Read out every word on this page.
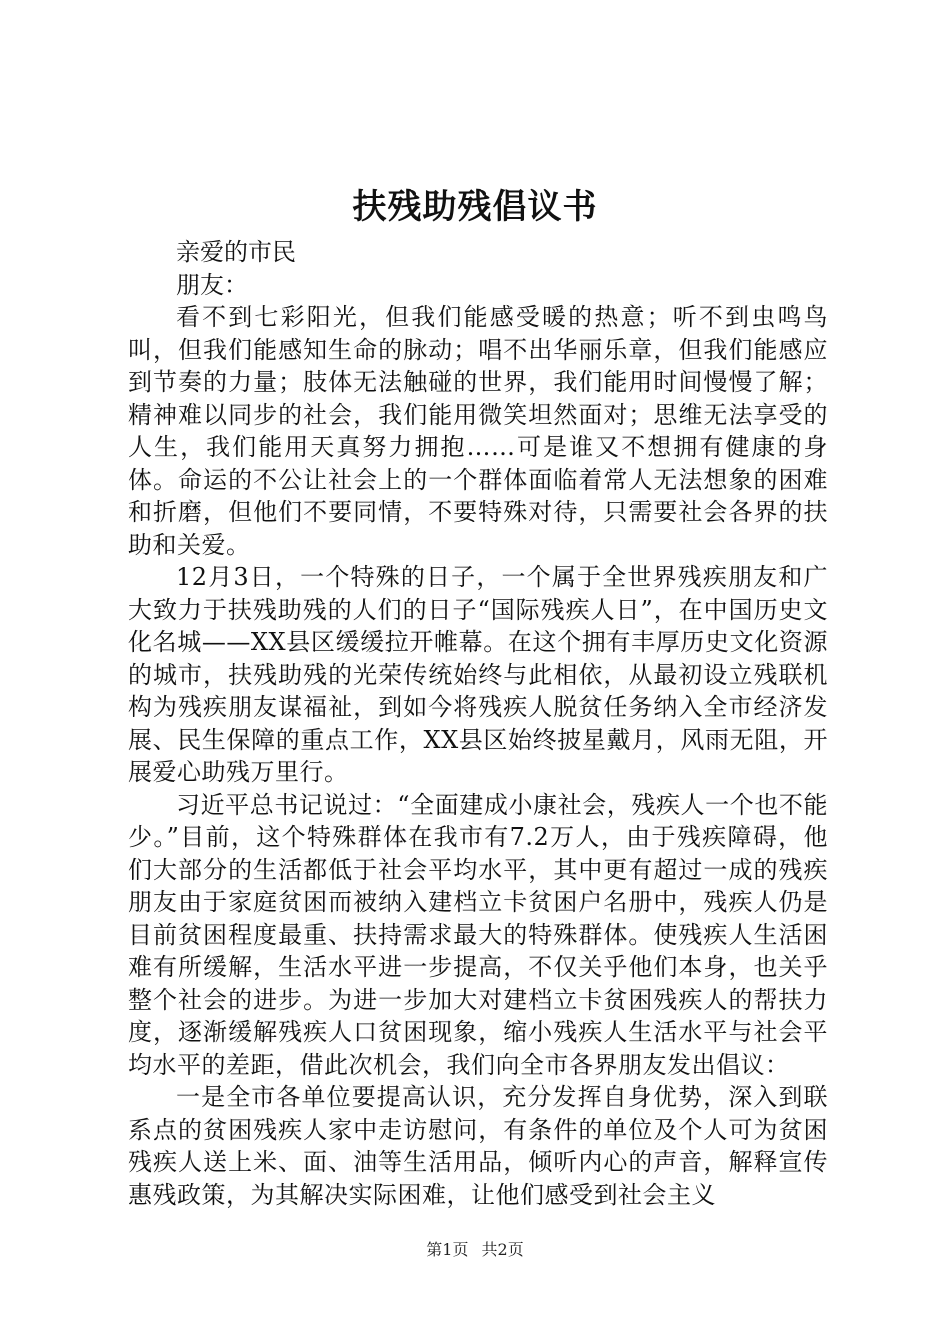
扶残助残倡议书

亲爱的市民

朋友：

看不到七彩阳光，但我们能感受暖的热意；听不到虫鸣鸟叫，但我们能感知生命的脉动；唱不出华丽乐章，但我们能感应到节奏的力量；肢体无法触碰的世界，我们能用时间慢慢了解；精神难以同步的社会，我们能用微笑坦然面对；思维无法享受的人生，我们能用天真努力拥抱……可是谁又不想拥有健康的身体。命运的不公让社会上的一个群体面临着常人无法想象的困难和折磨，但他们不要同情，不要特殊对待，只需要社会各界的扶助和关爱。

12月3日，一个特殊的日子，一个属于全世界残疾朋友和广大致力于扶残助残的人们的日子“国际残疾人日”，在中国历史文化名城——XX县区缓缓拉开帷幕。在这个拥有丰厚历史文化资源的城市，扶残助残的光荣传统始终与此相依，从最初设立残联机构为残疾朋友谋福祉，到如今将残疾人脱贫任务纳入全市经济发展、民生保障的重点工作，XX县区始终披星戴月，风雨无阻，开展爱心助残万里行。

习近平总书记说过：“全面建成小康社会，残疾人一个也不能少。”目前，这个特殊群体在我市有7.2万人，由于残疾障碍，他们大部分的生活都低于社会平均水平，其中更有超过一成的残疾朋友由于家庭贫困而被纳入建档立卡贫困户名册中，残疾人仍是目前贫困程度最重、扶持需求最大的特殊群体。使残疾人生活困难有所缓解，生活水平进一步提高，不仅关乎他们本身，也关乎整个社会的进步。为进一步加大对建档立卡贫困残疾人的帮扶力度，逐渐缓解残疾人口贫困现象，缩小残疾人生活水平与社会平均水平的差距，借此次机会，我们向全市各界朋友发出倡议：

一是全市各单位要提高认识，充分发挥自身优势，深入到联系点的贫困残疾人家中走访慰问，有条件的单位及个人可为贫困残疾人送上米、面、油等生活用品，倾听内心的声音，解释宣传惠残政策，为其解决实际困难，让他们感受到社会主义

第1页 共2页
